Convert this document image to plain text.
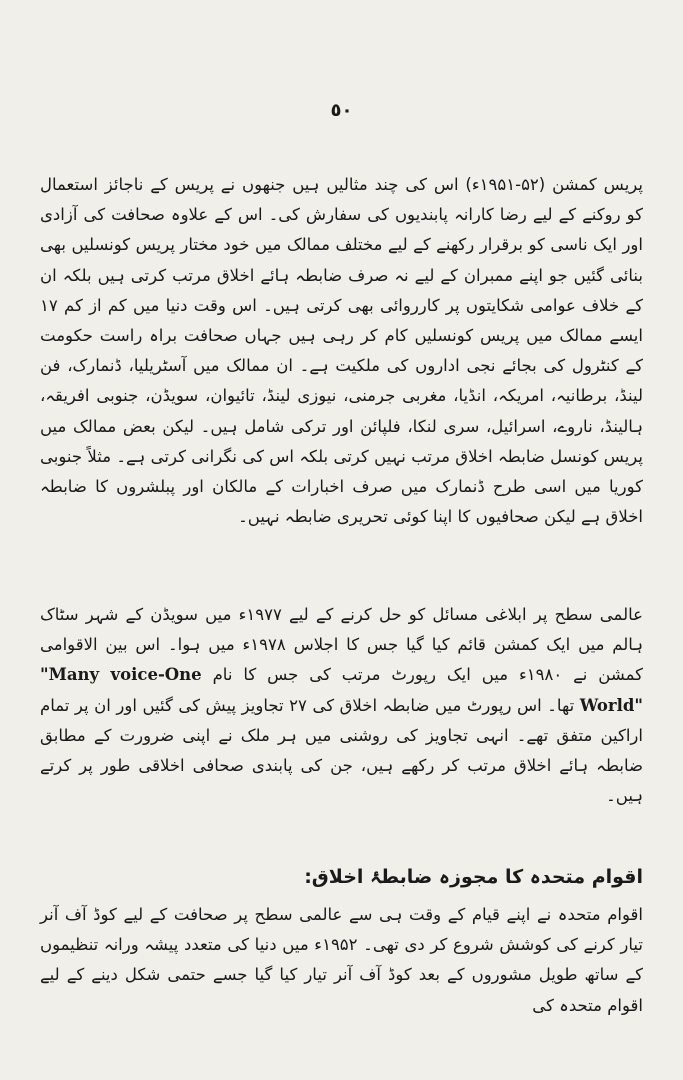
٥٠

پریس کمشن (۵۲-۱۹۵۱ء) اس کی چند مثالیں ہیں جنھوں نے پریس کے ناجائز استعمال کو روکنے کے لیے رضا کارانہ پابندیوں کی سفارش کی۔ اس کے علاوہ صحافت کی آزادی اور ایک ناسی کو برقرار رکھنے کے لیے مختلف ممالک میں خود مختار پریس کونسلیں بھی بنائی گئیں جو اپنے ممبران کے لیے نہ صرف ضابطہ ہائے اخلاق مرتب کرتی ہیں بلکہ ان کے خلاف عوامی شکایتوں پر کارروائی بھی کرتی ہیں۔ اس وقت دنیا میں کم از کم ۱۷ ایسے ممالک میں پریس کونسلیں کام کر رہی ہیں جہاں صحافت براہ راست حکومت کے کنٹرول کی بجائے نجی اداروں کی ملکیت ہے۔ ان ممالک میں آسٹریلیا، ڈنمارک، فن لینڈ، برطانیہ، امریکہ، انڈیا، مغربی جرمنی، نیوزی لینڈ، تائیوان، سویڈن، جنوبی افریقہ، ہالینڈ، ناروے، اسرائیل، سری لنکا، فلپائن اور ترکی شامل ہیں۔ لیکن بعض ممالک میں پریس کونسل ضابطہ اخلاق مرتب نہیں کرتی بلکہ اس کی نگرانی کرتی ہے۔ مثلاً جنوبی کوریا میں اسی طرح ڈنمارک میں صرف اخبارات کے مالکان اور پبلشروں کا ضابطہ اخلاق ہے لیکن صحافیوں کا اپنا کوئی تحریری ضابطہ نہیں۔

عالمی سطح پر ابلاغی مسائل کو حل کرنے کے لیے ۱۹۷۷ء میں سویڈن کے شہر سٹاک ہالم میں ایک کمشن قائم کیا گیا جس کا اجلاس ۱۹۷۸ء میں ہوا۔ اس بین الاقوامی کمشن نے ۱۹۸۰ء میں ایک رپورٹ مرتب کی جس کا نام "Many voice-One World" تھا۔ اس رپورٹ میں ضابطہ اخلاق کی ۲۷ تجاویز پیش کی گئیں اور ان پر تمام اراکین متفق تھے۔ انہی تجاویز کی روشنی میں ہر ملک نے اپنی ضرورت کے مطابق ضابطہ ہائے اخلاق مرتب کر رکھے ہیں، جن کی پابندی صحافی اخلاقی طور پر کرتے ہیں۔

اقوام متحدہ کا مجوزہ ضابطۂ اخلاق:

اقوام متحدہ نے اپنے قیام کے وقت ہی سے عالمی سطح پر صحافت کے لیے کوڈ آف آنر تیار کرنے کی کوشش شروع کر دی تھی۔ ۱۹۵۲ء میں دنیا کی متعدد پیشہ ورانہ تنظیموں کے ساتھ طویل مشوروں کے بعد کوڈ آف آنر تیار کیا گیا جسے حتمی شکل دینے کے لیے اقوام متحدہ کی
